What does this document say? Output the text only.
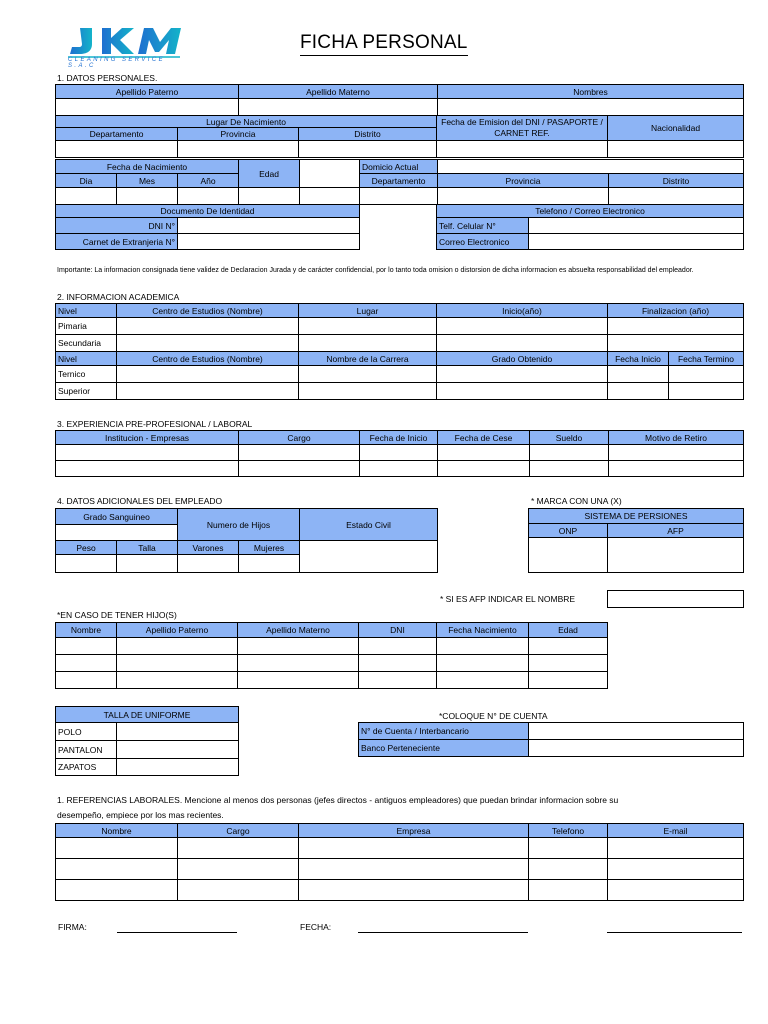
CLEANING SERVICE S.A.C
FICHA PERSONAL
1. DATOS PERSONALES.
Apellido Paterno	Apellido Materno	Nombres

Lugar De Nacimiento			Fecha de Emision del DNI / PASAPORTE / CARNET REF.	Nacionalidad
Departamento	Provincia	Distrito		

Fecha de Nacimiento			Edad		Domicio Actual		
Dia	Mes	Año			Departamento	Provincia	Distrito

Documento De Identidad	
DNI N°	
Carnet de Extranjeria N°	
Telefono / Correo Electronico	
Telf. Celular N°	
Correo Electronico	
Importante: La informacion consignada tiene validez de Declaracion Jurada y de carácter confidencial, por lo tanto toda omision o distorsion de dicha informacion es absuelta responsabilidad del empleador.
2. INFORMACION ACADEMICA
Nivel	Centro de Estudios (Nombre)	Lugar	Inicio(año)	Finalizacion (año)	
Pimaria					
Secundaria					
Nivel	Centro de Estudios (Nombre)	Nombre de la Carrera	Grado Obtenido	Fecha Inicio	Fecha Termino
Ternico					
Superior					
3. EXPERIENCIA PRE-PROFESIONAL / LABORAL
Institucion - Empresas	Cargo	Fecha de Inicio	Fecha de Cese	Sueldo	Motivo de Retiro

4. DATOS ADICIONALES DEL EMPLEADO	* MARCA CON UNA (X)
Grado Sanguineo		Numero de Hijos		Estado Civil

Peso	Talla	Varones	Mujeres	

SISTEMA DE PERSIONES	
ONP	AFP

* SI ES AFP INDICAR EL NOMBRE
*EN CASO DE TENER HIJO(S)
Nombre	Apellido Paterno	Apellido Materno	DNI	Fecha Nacimiento	Edad

TALLA DE UNIFORME	
POLO	
PANTALON	
ZAPATOS	
*COLOQUE N° DE CUENTA
N° de Cuenta / Interbancario	
Banco Perteneciente	
1. REFERENCIAS LABORALES. Mencione al menos dos personas (jefes directos - antiguos empleadores) que puedan brindar informacion sobre su
desempeño, empiece por los mas recientes.
Nombre	Cargo	Empresa	Telefono	E-mail

FIRMA:	FECHA:
